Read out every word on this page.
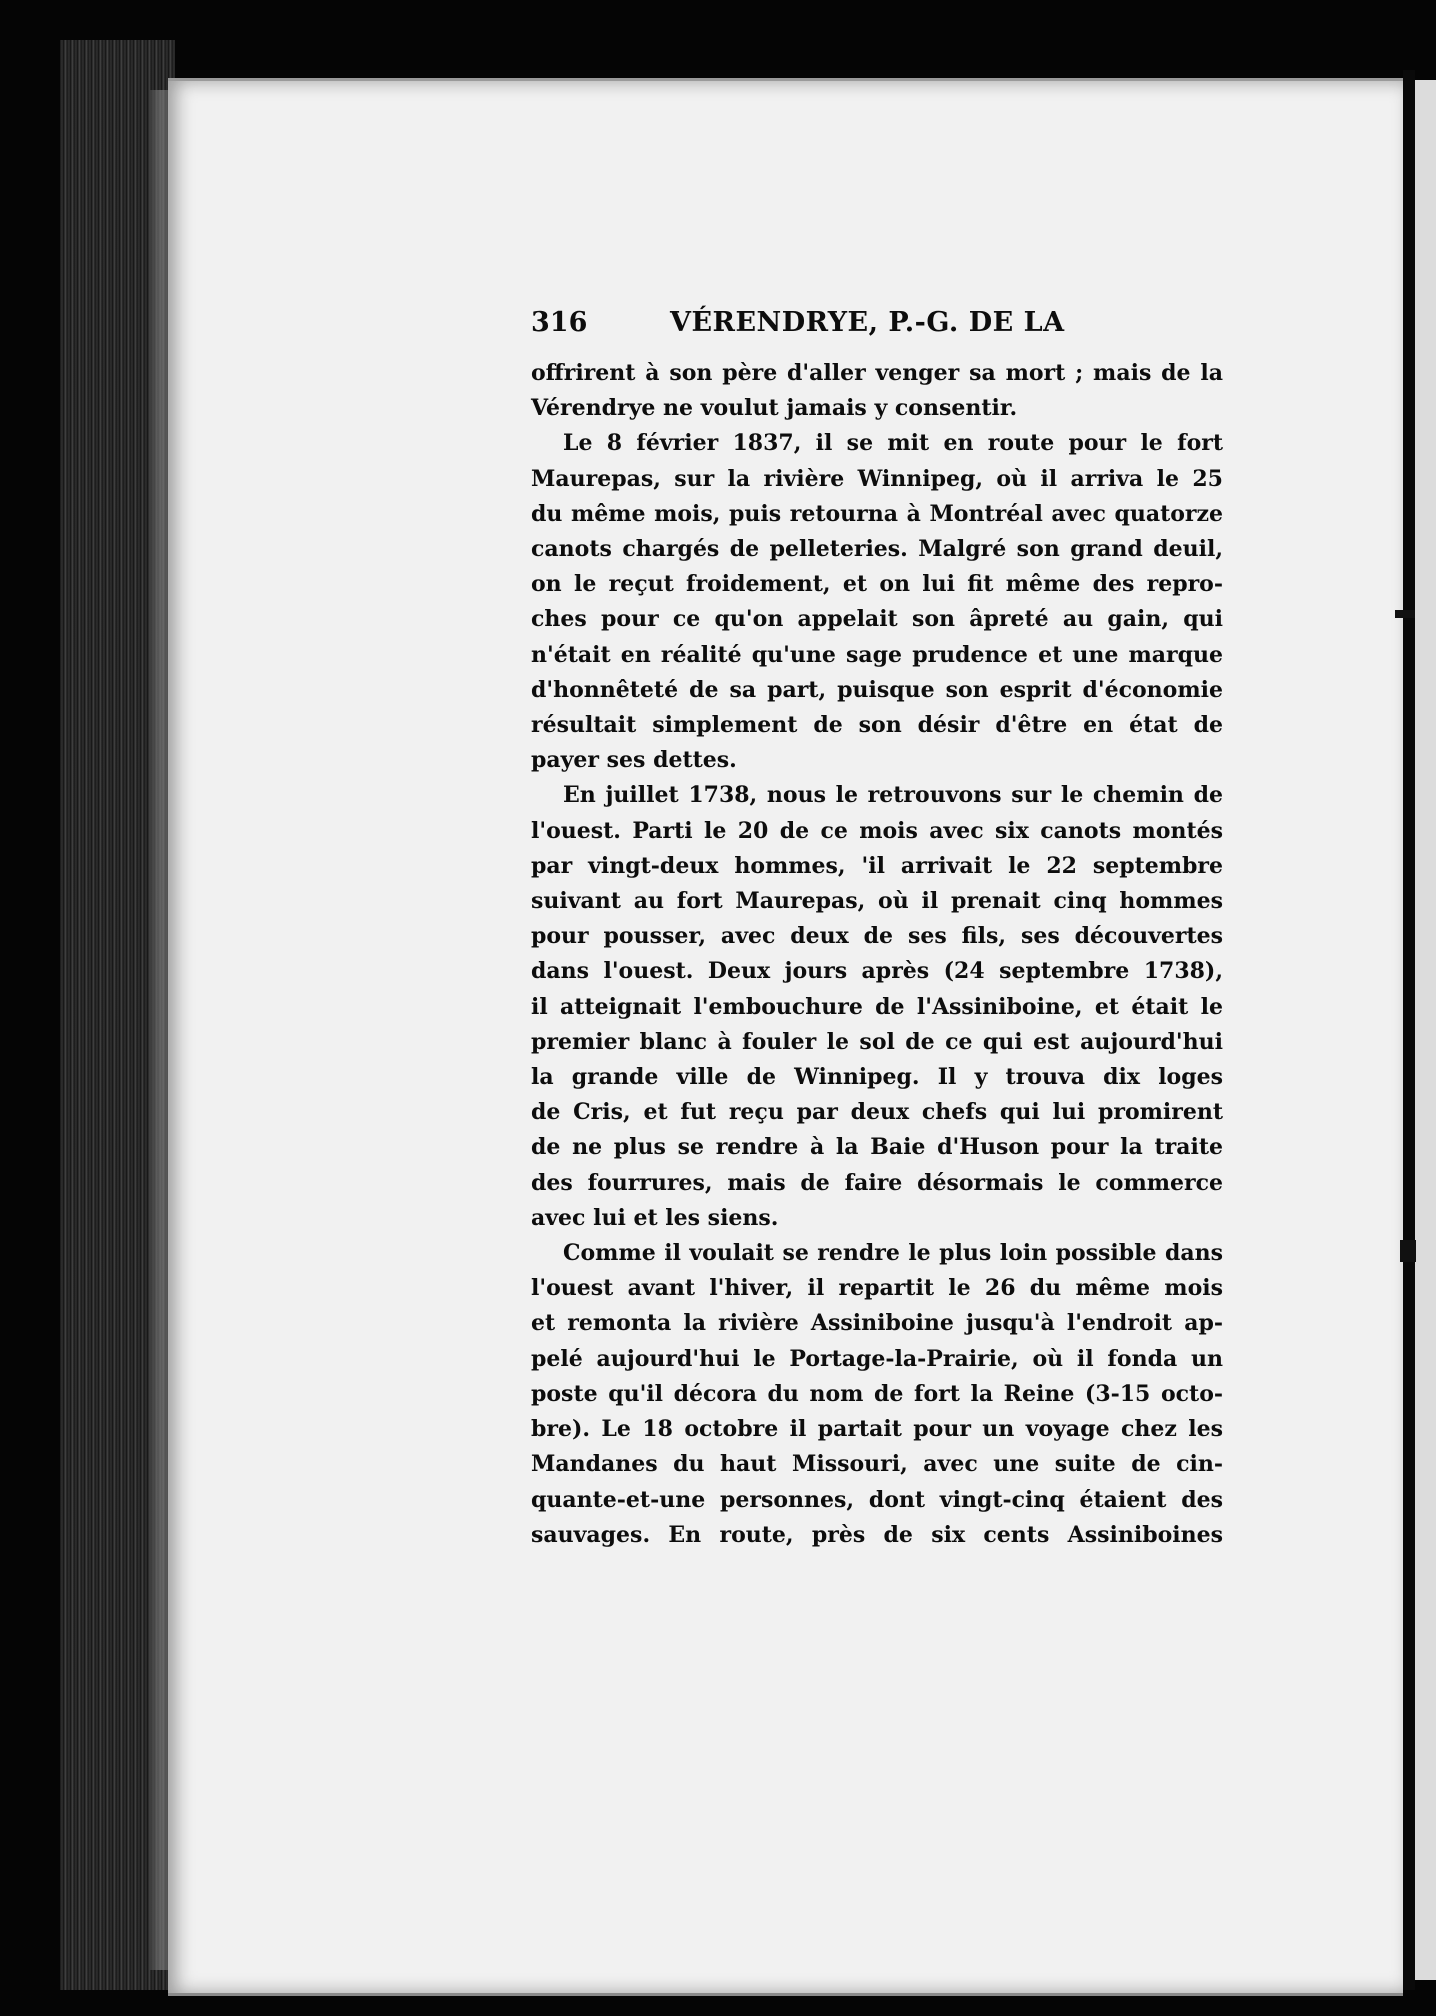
316	VÉRENDRYE, P.-G. DE LA

offrirent à son père d'aller venger sa mort ; mais de la
Vérendrye ne voulut jamais y consentir.

Le 8 février 1837, il se mit en route pour le fort
Maurepas, sur la rivière Winnipeg, où il arriva le 25
du même mois, puis retourna à Montréal avec quatorze
canots chargés de pelleteries. Malgré son grand deuil,
on le reçut froidement, et on lui fit même des repro-
ches pour ce qu'on appelait son âpreté au gain, qui
n'était en réalité qu'une sage prudence et une marque
d'honnêteté de sa part, puisque son esprit d'économie
résultait simplement de son désir d'être en état de
payer ses dettes.

En juillet 1738, nous le retrouvons sur le chemin de
l'ouest. Parti le 20 de ce mois avec six canots montés
par vingt-deux hommes, 'il arrivait le 22 septembre
suivant au fort Maurepas, où il prenait cinq hommes
pour pousser, avec deux de ses fils, ses découvertes
dans l'ouest. Deux jours après (24 septembre 1738),
il atteignait l'embouchure de l'Assiniboine, et était le
premier blanc à fouler le sol de ce qui est aujourd'hui
la grande ville de Winnipeg. Il y trouva dix loges
de Cris, et fut reçu par deux chefs qui lui promirent
de ne plus se rendre à la Baie d'Huson pour la traite
des fourrures, mais de faire désormais le commerce
avec lui et les siens.

Comme il voulait se rendre le plus loin possible dans
l'ouest avant l'hiver, il repartit le 26 du même mois
et remonta la rivière Assiniboine jusqu'à l'endroit ap-
pelé aujourd'hui le Portage-la-Prairie, où il fonda un
poste qu'il décora du nom de fort la Reine (3-15 octo-
bre). Le 18 octobre il partait pour un voyage chez les
Mandanes du haut Missouri, avec une suite de cin-
quante-et-une personnes, dont vingt-cinq étaient des
sauvages. En route, près de six cents Assiniboines
